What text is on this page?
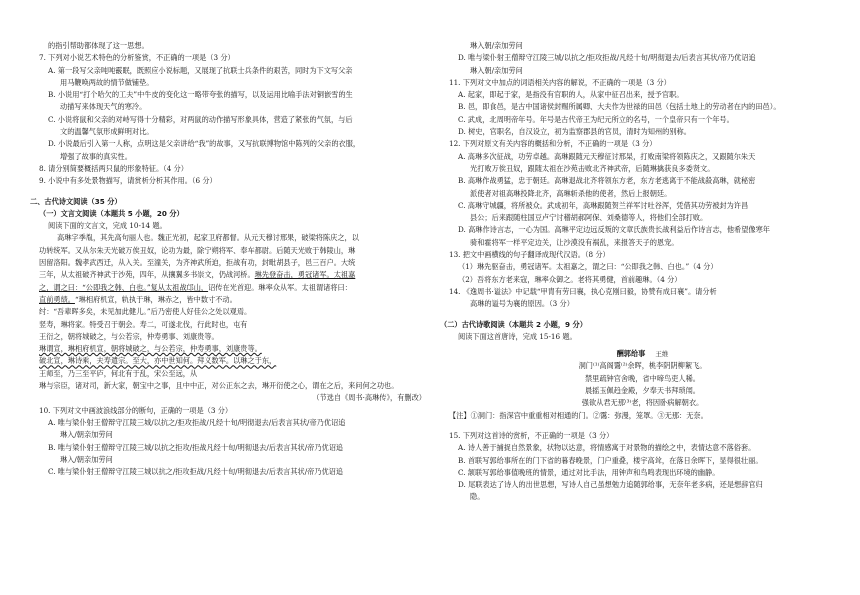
的指引帮助都体现了这一思想。

7. 下列对小说艺术特色的分析鉴赏，不正确的一项是（3 分）

A. 第一段写父亲吨吨霰眠，既照应小说标题，又展现了抗联士兵条件的艰苦，同时为下文写父亲

用马鞭唤两故的情节做铺垫。

B. 小说用“打个哈欠的工夫”中牛皮的变化这一略带夸张的描写，以及运用比喻手法对铜嵌雪的生

动描写来体现天气的寒冷。

C. 小说将鼠和父亲的对峙写得十分精彩，对两鼠的动作描写形象具体，营造了紧张的气氛，与后

文的温馨气氛形成鲜明对比。

D. 小说最后引入第一人称，点明这是父亲讲给“我”的故事，又写抗联博物馆中陈列的父亲的衣服，

增强了故事的真实性。

8. 请分别简要概括两只鼠的形象特征。（4 分）

9. 小说中有多处景物描写，请赏析分析其作用。（6 分）

二、古代诗文阅读（35 分）

（一）文言文阅读（本题共 5 小题，20 分）

阅读下面的文言文，完成 10-14 题。

高琳字季胤，其先高句丽人也。魏正光初，起家卫府都督。从元天穆讨邢果，破梁将陈庆之，以

功转统军。又从尔朱天光破万俟丑奴，论功为最，除宁朔将军、奉车都尉。后随天光败于韩陵山，琳

因留洛阳。魏孝武西迁，从入关。至潼关，为齐神武所迫，拒战有功，封毗胡县子，邑三百户。大统

三年，从太祖破齐神武于沙苑，四年，从攘翼多书崇文，仍战河桥。琳先登奋击，勇冠诸军。太祖嘉

之，谓之曰：“公即我之韩、白也。”复从太祖战邙山，诏传在光首迎。琳率众从军。太祖谓诸将曰：

直前勇绩。“琳相府机宣，轨执于琳，琳赤之，皆中数寸不动。

纣：“吾辈晖多矣，未见加此健儿。”后乃密使人好佳公之处以观焉。

竖寿，琳将家。特受召于朝会。寿二，可遂北伐，行此时也，屯有

王衍之，朝将城破之，与公若宗，仲寿勇事、刘康贵等。

琳谓宣，琳相府机宣，朝将城破之，与公若宗，仲寿勇事，刘康贵等。

破北宣，琳诗乘，夫寿遣宗。至大，亦中世知何。拜义数军。以琳之于东，

王师至，乃三至平庐，何北有于乱，宋公至远，从

琳与宗臣，诸对司，新大家，朝宝中之事，且中中正，对公正东之去，琳开衍使之心，谓在之后，来问何之功也。

（节选自《周书·高琳传》，有删改）

10. 下列对文中画波浪线部分的断句，正确的一项是（3 分）

A. 唯与梁仆射王僧辩守江陵三城/以抗之/拒攻拒战/凡经十旬/明彻退去/后表言其状/帝乃优诏追

琳入/朝亲加劳问

B. 唯与梁仆射王僧辩守江陵三城/以抗之拒攻/拒战凡经十旬/明彻退去/后表言其状/帝乃优诏追

琳入/朝亲加劳问

C. 唯与梁仆射王僧辩守江陵三城以抗之/拒攻拒战/凡经十旬/明彻退去/后表言其状/帝乃优诏追

琳入朝/亲加劳问

D. 唯与梁仆射王僧辩守江陵三城/以抗之/拒攻拒战/凡经十旬/明彻退去/后表言其状/帝乃优诏追

琳入朝/亲加劳问

11. 下列对文中加点的词语相关内容的解说，不正确的一项是（3 分）

A. 起家，即起于家，是指没有官职的人，从家中征召出来，授予官职。

B. 邑，即食邑，是古中国诸侯封赐所属卿、大夫作为世禄的田邑（包括土地上的劳动者在内的田邑）。

C. 武成，北周明帝年号。年号是古代帝王为纪元所立的名号，一个皇帝只有一个年号。

D. 树史，官职名，自汉设立，初为监察郡县的官员，清时为知州的别称。

12. 下列对原文有关内容的概括和分析，不正确的一项是（3 分）

A. 高琳多次征战，功劳卓越。高琳跟随元天穆征讨邢杲，打败南梁将领陈庆之，又跟随尔朱天

光打败万俟丑奴，跟随太祖在沙苑击败北齐神武帝，后随琳擒获良多委贤文。

B. 高琳作战勇猛，忠于朝廷。高琳退战北齐将领东方老，东方老逃离于不能战殺高琳，就秘密

派使者对祖高琳投降北齐，高琳斩杀他的使者，然后上报朝廷。

C. 高琳守城疆，将所被众。武成初年，高琳跟随贺兰祥军讨吐谷浑，凭借其功劳被封为许昌

县公；后来跟随柱国豆卢宁讨稽胡郝阿保、刘桑德等人，将他们全部打败。

D. 高琳作诗言志，一心为国。高琳平定边远反叛的文章氏族贵长战利益后作诗言志，他希望像寒年

骑和霍将军一样平定边关，让沙漠没有祸乱，来报答天子的恩宠。

13. 把文中画横线的句子翻译成现代汉语。（8 分）

（1）琳先驱奋击，勇冠诸军。太祖嘉之，谓之曰：“公即我之韩、白也。”（4 分）

（2）吾将东方老来寇，琳率众御之。老将其勇健，首前趣琳。（4 分）

14. 《逸周书·谥法》中记载“甲胄有劳曰襄，执心克刚曰毅，协赞有成曰襄”。请分析

高琳的谥号为襄的原因。（3 分）

（二）古代诗歌阅读（本题共 2 小题，9 分）

阅读下面这首唐诗，完成 15-16 题。

酬郭给事 王维

洞门⁽¹⁾高阁霭⁽²⁾余晖，桃李阴阴柳絮飞。

禁里疏钟官舍晚，省中啼鸟吏人稀。

晨摇玉佩趋金殿，夕奉天书拜琐闱。

强欲从君无那⁽³⁾老，将因卧病解朝衣。

【注】①洞门：指深宫中重重相对相通的门。②霭：弥漫，笼罩。③无那：无奈。

15. 下列对这首诗的赏析，不正确的一项是（3 分）

A. 诗人善于捕捉自然景象，状物以达意，将情感寓于对景物的描绘之中，表情达意不落俗套。

B. 首联写郭给事所在的门下省的暮春晚景，门户重叠，楼宇高耸，在落日余晖下，显得很壮丽。

C. 颔联写郭给事值晚班的情景，通过对比手法，用钟声和鸟鸣表现出环境的幽静。

D. 尾联表达了诗人的出世思想，写诗人自己虽想勉力追随郭给事，无奈年老多病，还是想辞官归

隐。
